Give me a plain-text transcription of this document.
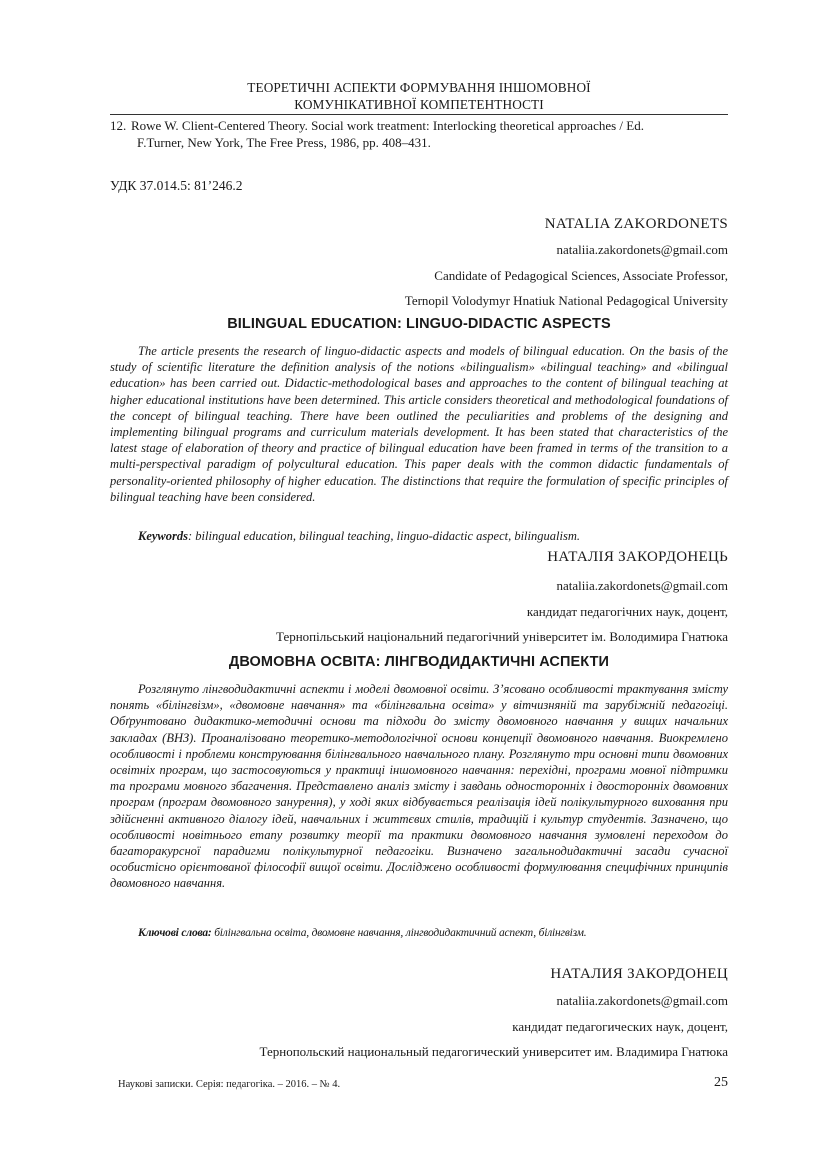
ТЕОРЕТИЧНІ АСПЕКТИ ФОРМУВАННЯ ІНШОМОВНОЇ
КОМУНІКАТИВНОЇ КОМПЕТЕНТНОСТІ
12. Rowe W. Client-Centered Theory. Social work treatment: Interlocking theoretical approaches / Ed.
F.Turner, New York, The Free Press, 1986, pp. 408–431.
УДК 37.014.5: 81’246.2
NATALIA ZAKORDONETS
nataliia.zakordonets@gmail.com
Candidate of Pedagogical Sciences, Associate Professor,
Ternopil Volodymyr Hnatiuk National Pedagogical University
BILINGUAL EDUCATION: LINGUO-DIDACTIC ASPECTS

The article presents the research of linguo-didactic aspects and models of bilingual education. On the basis of the study of scientific literature the definition analysis of the notions «bilingualism» «bilingual teaching» and «bilingual education» has been carried out. Didactic-methodological bases and approaches to the content of bilingual teaching at higher educational institutions have been determined. This article considers theoretical and methodological foundations of the concept of bilingual teaching. There have been outlined the peculiarities and problems of the designing and implementing bilingual programs and curriculum materials development. It has been stated that characteristics of the latest stage of elaboration of theory and practice of bilingual education have been framed in terms of the transition to a multi-perspectival paradigm of polycultural education. This paper deals with the common didactic fundamentals of personality-oriented philosophy of higher education. The distinctions that require the formulation of specific principles of bilingual teaching have been considered.

Keywords: bilingual education, bilingual teaching, linguo-didactic aspect, bilingualism.
НАТАЛІЯ ЗАКОРДОНЕЦЬ
nataliia.zakordonets@gmail.com
кандидат педагогічних наук, доцент,
Тернопільський національний педагогічний університет ім. Володимира Гнатюка
ДВОМОВНА ОСВІТА: ЛІНГВОДИДАКТИЧНІ АСПЕКТИ

Розглянуто лінгводидактичні аспекти і моделі двомовної освіти. З’ясовано особливості трактування змісту понять «білінгвізм», «двомовне навчання» та «білінгвальна освіта» у вітчизняній та зарубіжній педагогіці. Обґрунтовано дидактико-методичні основи та підходи до змісту двомовного навчання у вищих начальних закладах (ВНЗ). Проаналізовано теоретико-методологічної основи концепції двомовного навчання. Виокремлено особливості і проблеми конструювання білінгвального навчального плану. Розглянуто три основні типи двомовних освітніх програм, що застосовуються у практиці іншомовного навчання: перехідні, програми мовної підтримки та програми мовного збагачення. Представлено аналіз змісту і завдань односторонніх і двосторонніх двомовних програм (програм двомовного занурення), у ході яких відбувається реалізація ідей полікультурного виховання при здійсненні активного діалогу ідей, навчальних і життєвих стилів, традицій і культур студентів. Зазначено, що особливості новітнього етапу розвитку теорії та практики двомовного навчання зумовлені переходом до багаторакурсної парадигми полікультурної педагогіки. Визначено загальнодидактичні засади сучасної особистісно орієнтованої філософії вищої освіти. Досліджено особливості формулювання специфічних принципів двомовного навчання.

Ключові слова: білінгвальна освіта, двомовне навчання, лінгводидактичний аспект, білінгвізм.
НАТАЛИЯ ЗАКОРДОНЕЦ
nataliia.zakordonets@gmail.com
кандидат педагогических наук, доцент,
Тернопольский национальный педагогический университет им. Владимира Гнатюка
Наукові записки. Серія: педагогіка. – 2016. – № 4.	25
